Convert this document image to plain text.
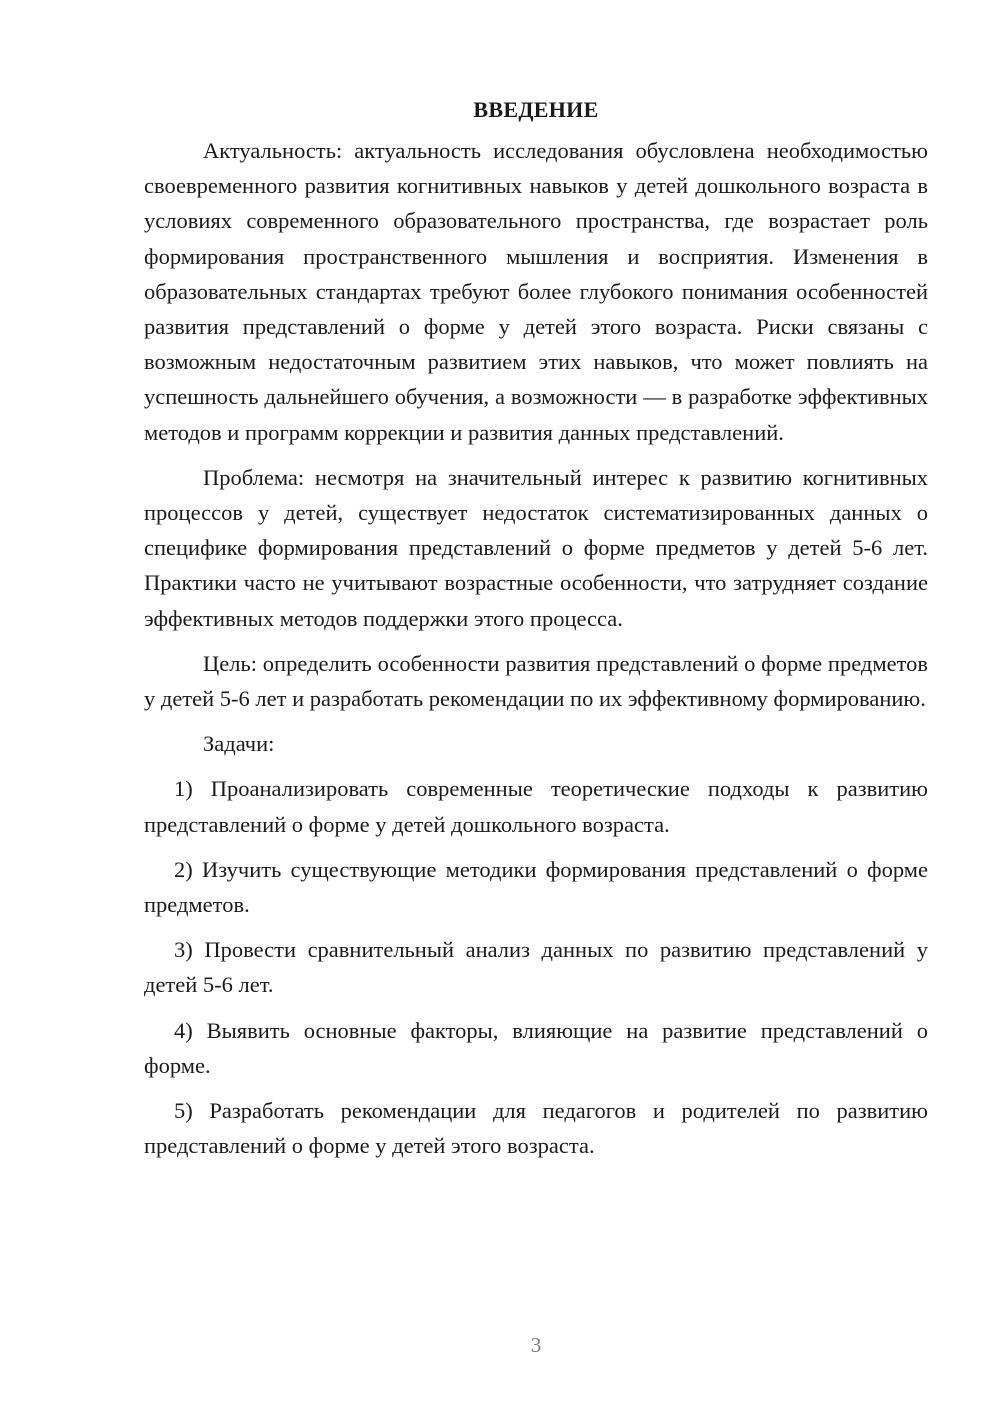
ВВЕДЕНИЕ

Актуальность: актуальность исследования обусловлена необходимостью своевременного развития когнитивных навыков у детей дошкольного возраста в условиях современного образовательного пространства, где возрастает роль формирования пространственного мышления и восприятия. Изменения в образовательных стандартах требуют более глубокого понимания особенностей развития представлений о форме у детей этого возраста. Риски связаны с возможным недостаточным развитием этих навыков, что может повлиять на успешность дальнейшего обучения, а возможности — в разработке эффективных методов и программ коррекции и развития данных представлений.

Проблема: несмотря на значительный интерес к развитию когнитивных процессов у детей, существует недостаток систематизированных данных о специфике формирования представлений о форме предметов у детей 5-6 лет. Практики часто не учитывают возрастные особенности, что затрудняет создание эффективных методов поддержки этого процесса.

Цель: определить особенности развития представлений о форме предметов у детей 5-6 лет и разработать рекомендации по их эффективному формированию.

Задачи:

1) Проанализировать современные теоретические подходы к развитию представлений о форме у детей дошкольного возраста.

2) Изучить существующие методики формирования представлений о форме предметов.

3) Провести сравнительный анализ данных по развитию представлений у детей 5-6 лет.

4) Выявить основные факторы, влияющие на развитие представлений о форме.

5) Разработать рекомендации для педагогов и родителей по развитию представлений о форме у детей этого возраста.

3
